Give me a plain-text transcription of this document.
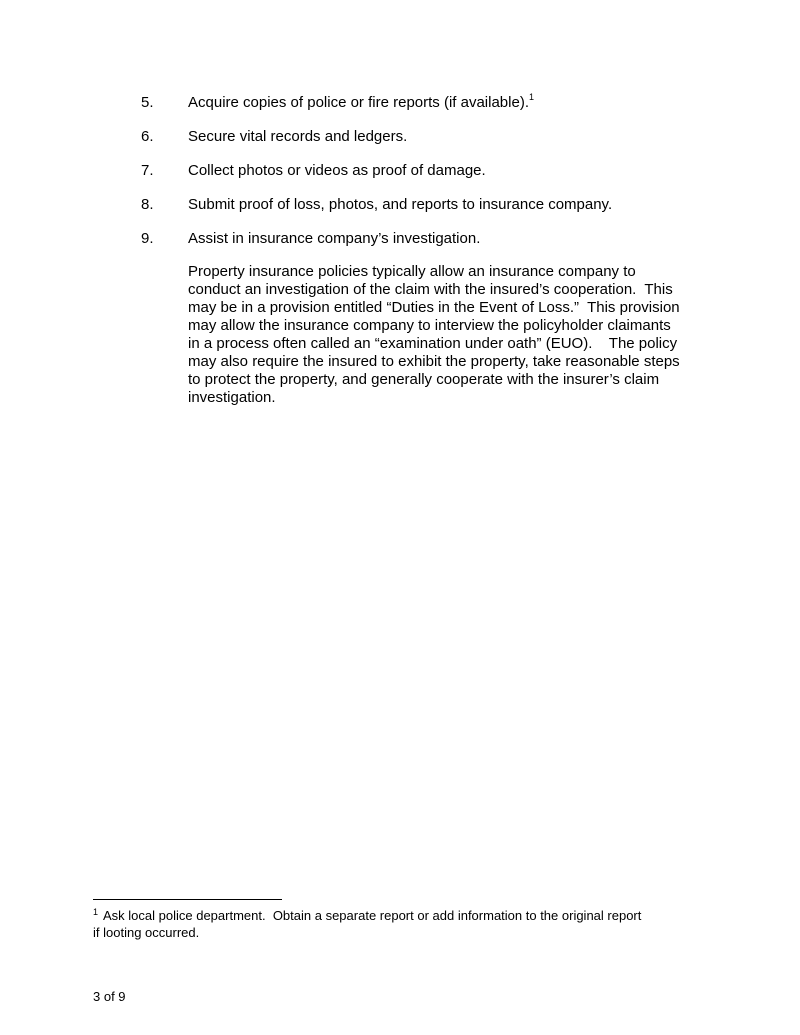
5. Acquire copies of police or fire reports (if available).$^1$
6. Secure vital records and ledgers.
7. Collect photos or videos as proof of damage.
8. Submit proof of loss, photos, and reports to insurance company.
9. Assist in insurance company’s investigation.
Property insurance policies typically allow an insurance company to
conduct an investigation of the claim with the insured’s cooperation.  This
may be in a provision entitled “Duties in the Event of Loss.”  This provision
may allow the insurance company to interview the policyholder claimants
in a process often called an “examination under oath” (EUO).    The policy
may also require the insured to exhibit the property, take reasonable steps
to protect the property, and generally cooperate with the insurer’s claim
investigation.
$^1$ Ask local police department.  Obtain a separate report or add information to the original report
if looting occurred.
3 of 9
